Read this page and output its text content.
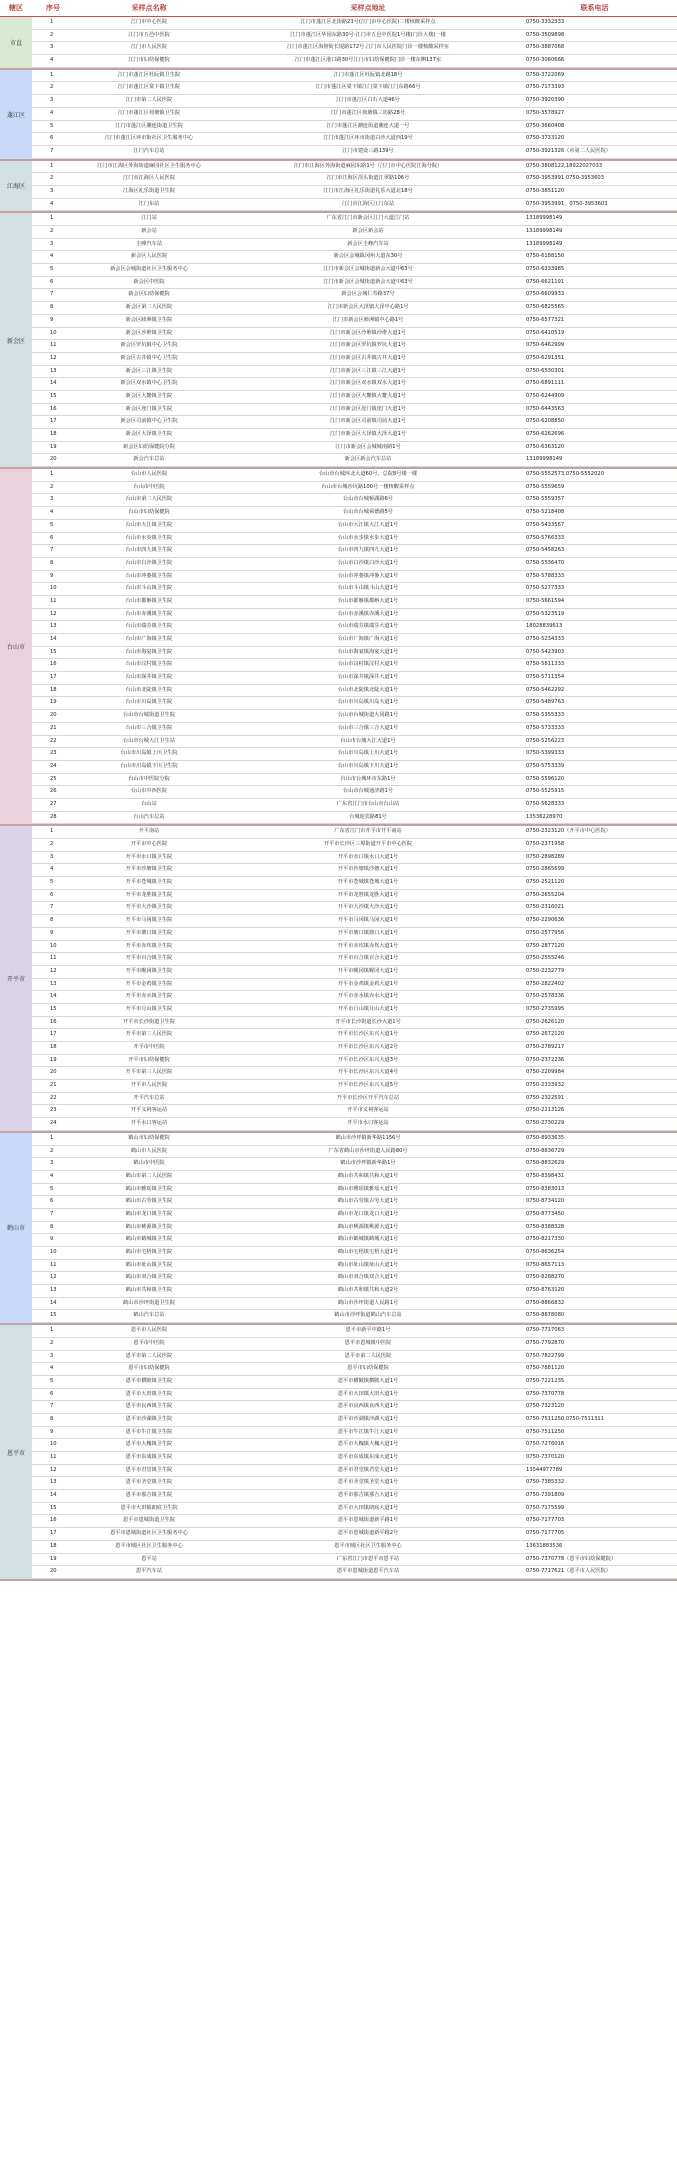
辖区	序号	采样点名称	采样点地址	联系电话
市直
1	江门市中心医院	江门市蓬江区北街路23号(江门市中心医院)二楼核酸采样点	0750-3332333
2	江门市五邑中医院	江门市蓬江区华园东路30号·江门市五邑中医院1号楼(门诊大楼)一楼	0750-3509898
3	江门市人民医院	江门市蓬江区海傍街长堤路172号·江门市人民医院门诊一楼核酸采样室	0750-3887068
4	江门市妇幼保健院	江门市蓬江区港口路30号江门市妇幼保健院门诊一楼东侧137室	0750-3060666
蓬江区
1	江门市蓬江区杜阮镇卫生院	江门市蓬江区杜阮镇北路18号	0750-3722069
2	江门市蓬江区棠下镇卫生院	江门市蓬江区棠下镇江门棠下镇江门东路66号	0750-7173393
3	江门市第二人民医院	江门市蓬江区白石大道46号	0750-3920390
4	江门市蓬江区荷塘镇卫生院	江门市蓬江区荷塘镇三坊路28号	0750-3578927
5	江门市蓬江区潮连街道卫生院	江门市蓬江区潮连街道潮连大道一号	0750-3660408
6	江门市蓬江区环市街社区卫生服务中心	江门市蓬江区环市街道白沙大道西19号	0750-3733120
7	江门汽车总站	江门市建设三路139号	0750-3921326（市第二人民医院）
江海区
1	江门市江海区外海街道麻园社区卫生服务中心	江门市江海区外海街道麻园东路1号（江门市中心医院江海分院）	0750-3808122,18922027033
2	江门市江海区人民医院	江门市江海区滘头街道江翠路106号	0750-3953991,0750-3953603
3	江海区礼乐街道卫生院	江门市江海区礼乐街道礼乐大道北18号	0750-3851120
4	江门东站	江门市江海区江门东站	0750-3953991，0750-3953603
新会区
1	江门站	广东省江门市新会区江门大道江门站	13189998149
2	新会站	新会区新会站	13189998149
3	圭峰汽车站	新会区圭峰汽车站	13189998149
4	新会区人民医院	新会区会城镇冈州大道东30号	0750-6188150
5	新会区会城街道社区卫生服务中心	江门市新会区会城街道新会大道中63号	0750-6333985
6	新会区中医院	江门市新会区会城街道新会大道中63号	0750-6621191
7	新会区妇幼保健院	新会区会城仁寿路37号	0750-6609933
8	新会区第二人民医院	江门市新会区大泽镇大泽中心路1号	0750-6825565
9	新会区睦洲镇卫生院	江门市新会区睦洲镇中心路1号	0750-6577321
10	新会区沙堆镇卫生院	江门市新会区沙堆镇沙堆大道1号	0750-6410519
11	新会区罗坑镇中心卫生院	江门市新会区罗坑镇罗坑大道1号	0750-6462999
12	新会区古井镇中心卫生院	江门市新会区古井镇古井大道1号	0750-6291351
13	新会区三江镇卫生院	江门市新会区三江镇三江大道1号	0750-6530301
14	新会区双水镇中心卫生院	江门市新会区双水镇双水大道1号	0750-6891111
15	新会区大鳌镇卫生院	江门市新会区大鳌镇大鳌大道1号	0750-6244909
16	新会区崖门镇卫生院	江门市新会区崖门镇崖门大道1号	0750-6443563
17	新会区司前镇中心卫生院	江门市新会区司前镇司前大道1号	0750-6208850
18	新会区大泽镇卫生院	江门市新会区大泽镇大泽大道1号	0750-6262696
19	新会区妇幼保健院分院	江门市新会区会城城南路1号	0750-6363120
20	新会汽车总站	新会区新会汽车总站	13189998149
台山市
1	台山市人民医院	台山市台城环北大道60号，总院8号楼一楼	0750-5552573,0750-5552020
2	台山市中医院	台山市台城沙坑路100号一楼核酸采样点	0750-5559659
3	台山市第二人民医院	台山市台城桥湖路6号	0750-5559357
4	台山市妇幼保健院	台山市台城舜德路5号	0750-5218408
5	台山市大江镇卫生院	台山市大江镇大江大道1号	0750-5433567
6	台山市水步镇卫生院	台山市水步镇水步大道1号	0750-5766333
7	台山市四九镇卫生院	台山市四九镇四九大道1号	0750-5458263
8	台山市白沙镇卫生院	台山市白沙镇白沙大道1号	0750-5536470
9	台山市冲蒌镇卫生院	台山市冲蒌镇冲蒌大道1号	0750-5788333
10	台山市斗山镇卫生院	台山市斗山镇斗山大道1号	0750-5277333
11	台山市都斛镇卫生院	台山市都斛镇都斛大道1号	0750-5661594
12	台山市赤溪镇卫生院	台山市赤溪镇赤溪大道1号	0750-5323519
13	台山市端芬镇卫生院	台山市端芬镇端芬大道1号	18028839613
14	台山市广海镇卫生院	台山市广海镇广海大道1号	0750-5234333
15	台山市海宴镇卫生院	台山市海宴镇海宴大道1号	0750-5423903
16	台山市汶村镇卫生院	台山市汶村镇汶村大道1号	0750-5811333
17	台山市深井镇卫生院	台山市深井镇深井大道1号	0750-5711354
18	台山市北陡镇卫生院	台山市北陡镇北陡大道1号	0750-5462292
19	台山市川岛镇卫生院	台山市川岛镇川岛大道1号	0750-5489763
20	台山市台城街道卫生院	台山市台城街道大同路1号	0750-5355333
21	台山市三合镇卫生院	台山市三合镇三合大道1号	0750-5733333
22	台山市台城大江卫生站	台山市台城大江大道1号	0750-5256223
23	台山市川岛镇上川卫生院	台山市川岛镇上川大道1号	0750-5399333
24	台山市川岛镇下川卫生院	台山市川岛镇下川大道1号	0750-5753339
25	台山市中医院分院	台山市台城环市东路1号	0750-5596120
26	台山市中西医院	台山市台城通济路1号	0750-5525915
27	台山站	广东省江门市台山市台山站	0750-5628333
28	台山汽车总站	台城迎宾路81号	13536228970
开平市
1	开平南站	广东省江门市开平市开平南站	0750-2323120（开平市中心医院）
2	开平市中心医院	开平市长沙区三埠街道开平市中心医院	0750-2371958
3	开平市水口镇卫生院	开平市水口镇水口大道1号	0750-2898289
4	开平市沙塘镇卫生院	开平市沙塘镇沙塘大道1号	0750-2865699
5	开平市苍城镇卫生院	开平市苍城镇苍城大道1号	0750-2521120
6	开平市龙胜镇卫生院	开平市龙胜镇龙胜大道1号	0750-2655204
7	开平市大沙镇卫生院	开平市大沙镇大沙大道1号	0750-2316021
8	开平市马冈镇卫生院	开平市马冈镇马冈大道1号	0750-2290636
9	开平市塘口镇卫生院	开平市塘口镇塘口大道1号	0750-2577956
10	开平市赤坎镇卫生院	开平市赤坎镇赤坎大道1号	0750-2877120
11	开平市百合镇卫生院	开平市百合镇百合大道1号	0750-2555246
12	开平市蚬冈镇卫生院	开平市蚬冈镇蚬冈大道1号	0750-2232779
13	开平市金鸡镇卫生院	开平市金鸡镇金鸡大道1号	0750-2822402
14	开平市赤水镇卫生院	开平市赤水镇赤水大道1号	0750-2578336
15	开平市月山镇卫生院	开平市月山镇月山大道1号	0750-2735995
16	开平市长沙街道卫生院	开平市长沙街道长沙大道1号	0750-2626120
17	开平市第二人民医院	开平市长沙区东兴大道1号	0750-2672120
18	开平市中医院	开平市长沙区东兴大道2号	0750-2789217
19	开平市妇幼保健院	开平市长沙区东兴大道3号	0750-2372236
20	开平市第三人民医院	开平市长沙区东兴大道4号	0750-2209984
21	开平市人民医院	开平市长沙区东兴大道5号	0750-2333932
22	开平汽车总站	开平市长沙区开平汽车总站	0750-2322591
23	开平义祠客运站	开平市义祠客运站	0750-2213126
24	开平水口客运站	开平市水口客运站	0750-2730229
鹤山市
1	鹤山市妇幼保健院	鹤山市沙坪镇新华路1156号	0750-8933635
2	鹤山市人民医院	广东省鹤山市沙坪街道人民路80号	0750-8836729
3	鹤山市中医院	鹤山市沙坪镇新华路1号	0750-8832629
4	鹤山市第二人民医院	鹤山市共和镇共和大道1号	0750-8398431
5	鹤山市雅瑶镇卫生院	鹤山市雅瑶镇雅瑶大道1号	0750-8383013
6	鹤山市古劳镇卫生院	鹤山市古劳镇古劳大道1号	0750-8734120
7	鹤山市龙口镇卫生院	鹤山市龙口镇龙口大道1号	0750-8773450
8	鹤山市桃源镇卫生院	鹤山市桃源镇桃源大道1号	0750-8388328
9	鹤山市鹤城镇卫生院	鹤山市鹤城镇鹤城大道1号	0750-8217330
10	鹤山市宅梧镇卫生院	鹤山市宅梧镇宅梧大道1号	0750-8636254
11	鹤山市址山镇卫生院	鹤山市址山镇址山大道1号	0750-8657113
12	鹤山市双合镇卫生院	鹤山市双合镇双合大道1号	0750-8288270
13	鹤山市共和镇卫生院	鹤山市共和镇共和大道2号	0750-8763120
14	鹤山市沙坪街道卫生院	鹤山市沙坪街道人民路1号	0750-8866832
15	鹤山汽车总站	鹤山市沙坪街道鹤山汽车总站	0750-8878080
恩平市
1	恩平市人民医院	恩平市新平中路1号	0750-7717063
2	恩平市中医院	恩平市恩城镇中医院	0750-7792870
3	恩平市第二人民医院	恩平市第二人民医院	0750-7822799
4	恩平市妇幼保健院	恩平市妇幼保健院	0750-7881120
5	恩平市横陂镇卫生院	恩平市横陂镇横陂大道1号	0750-7221235
6	恩平市大田镇卫生院	恩平市大田镇大田大道1号	0750-7370778
7	恩平市良西镇卫生院	恩平市良西镇良西大道1号	0750-7323120
8	恩平市沙湖镇卫生院	恩平市沙湖镇沙湖大道1号	0750-7511250,0750-7511311
9	恩平市牛江镇卫生院	恩平市牛江镇牛江大道1号	0750-7511250
10	恩平市大槐镇卫生院	恩平市大槐镇大槐大道1号	0750-7276016
11	恩平市东成镇卫生院	恩平市东成镇东成大道1号	0750-7370120
12	恩平市君堂镇卫生院	恩平市君堂镇君堂大道1号	13544977789
13	恩平市圣堂镇卫生院	恩平市圣堂镇圣堂大道1号	0750-7385332
14	恩平市那吉镇卫生院	恩平市那吉镇那吉大道1号	0750-7391809
15	恩平市大田镇朗底卫生院	恩平市大田镇朗底大道1号	0750-7175599
16	恩平市恩城街道卫生院	恩平市恩城街道新平路1号	0750-7177703
17	恩平市恩城街道社区卫生服务中心	恩平市恩城街道新平路2号	0750-7177705
18	恩平市城区社区卫生服务中心	恩平市城区社区卫生服务中心	13631883536
19	恩平站	广东省江门市恩平市恩平站	0750-7370778（恩平市妇幼保健院）
20	恩平汽车站	恩平市恩城街道恩平汽车站	0750-7717621（恩平市人民医院）
